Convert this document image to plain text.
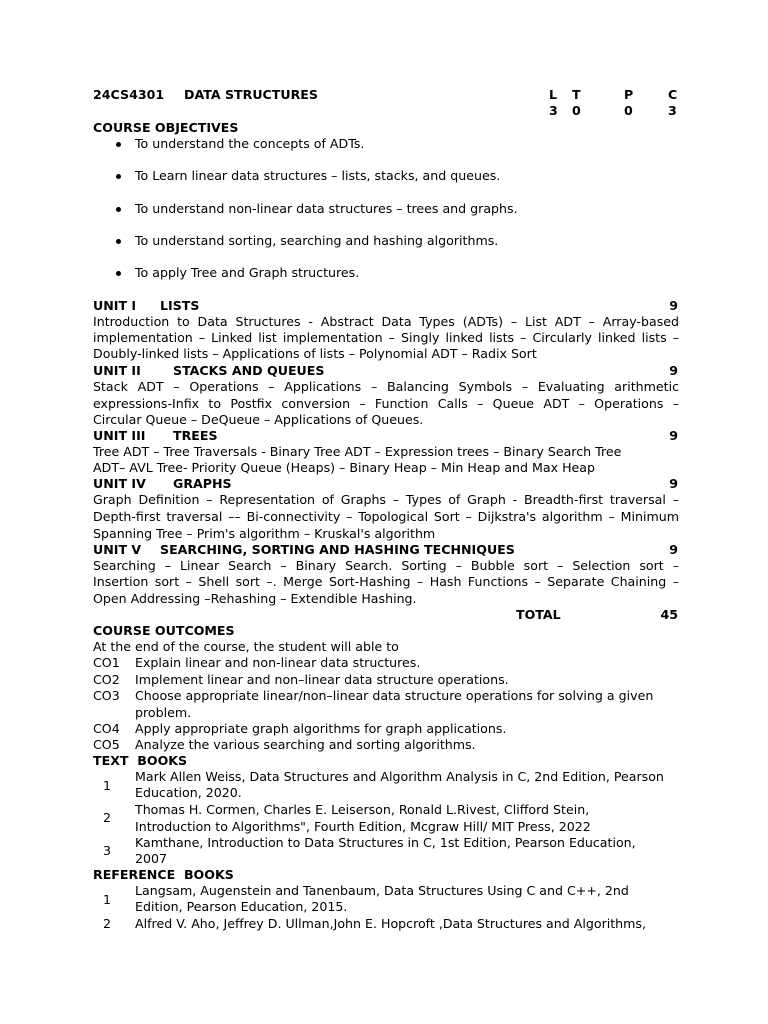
24CS4301 DATA STRUCTURES	L T	P	C
3 0	0	3
COURSE OBJECTIVES
To understand the concepts of ADTs.
To Learn linear data structures – lists, stacks, and queues.
To understand non-linear data structures – trees and graphs.
To understand sorting, searching and hashing algorithms.
To apply Tree and Graph structures.
UNIT I LISTS	9
Introduction to Data Structures - Abstract Data Types (ADTs) – List ADT – Array-based
implementation – Linked list implementation – Singly linked lists – Circularly linked lists –
Doubly-linked lists – Applications of lists – Polynomial ADT – Radix Sort
UNIT II	STACKS AND QUEUES	9
Stack ADT – Operations – Applications – Balancing Symbols – Evaluating arithmetic
expressions-Infix to Postfix conversion – Function Calls – Queue ADT – Operations –
Circular Queue – DeQueue – Applications of Queues.
UNIT III TREES	9
Tree ADT – Tree Traversals - Binary Tree ADT – Expression trees – Binary Search Tree
ADT– AVL Tree- Priority Queue (Heaps) – Binary Heap – Min Heap and Max Heap
UNIT IV GRAPHS	9
Graph Definition – Representation of Graphs – Types of Graph - Breadth-first traversal –
Depth-first traversal –– Bi-connectivity – Topological Sort – Dijkstra's algorithm – Minimum
Spanning Tree – Prim's algorithm – Kruskal's algorithm
UNIT V SEARCHING, SORTING AND HASHING TECHNIQUES	9
Searching – Linear Search – Binary Search. Sorting – Bubble sort – Selection sort –
Insertion sort – Shell sort –. Merge Sort-Hashing – Hash Functions – Separate Chaining –
Open Addressing –Rehashing – Extendible Hashing.
TOTAL	45
COURSE OUTCOMES
At the end of the course, the student will able to
CO1 Explain linear and non-linear data structures.
CO2 Implement linear and non–linear data structure operations.
CO3 Choose appropriate linear/non–linear data structure operations for solving a given
problem.
CO4 Apply appropriate graph algorithms for graph applications.
CO5 Analyze the various searching and sorting algorithms.
TEXT  BOOKS
1
Mark Allen Weiss, Data Structures and Algorithm Analysis in C, 2nd Edition, Pearson
Education, 2020.
2
Thomas H. Cormen, Charles E. Leiserson, Ronald L.Rivest, Clifford Stein,
Introduction to Algorithms", Fourth Edition, Mcgraw Hill/ MIT Press, 2022
3
Kamthane, Introduction to Data Structures in C, 1st Edition, Pearson Education,
2007
REFERENCE  BOOKS
1
Langsam, Augenstein and Tanenbaum, Data Structures Using C and C++, 2nd
Edition, Pearson Education, 2015.
2 Alfred V. Aho, Jeffrey D. Ullman,John E. Hopcroft ,Data Structures and Algorithms,
